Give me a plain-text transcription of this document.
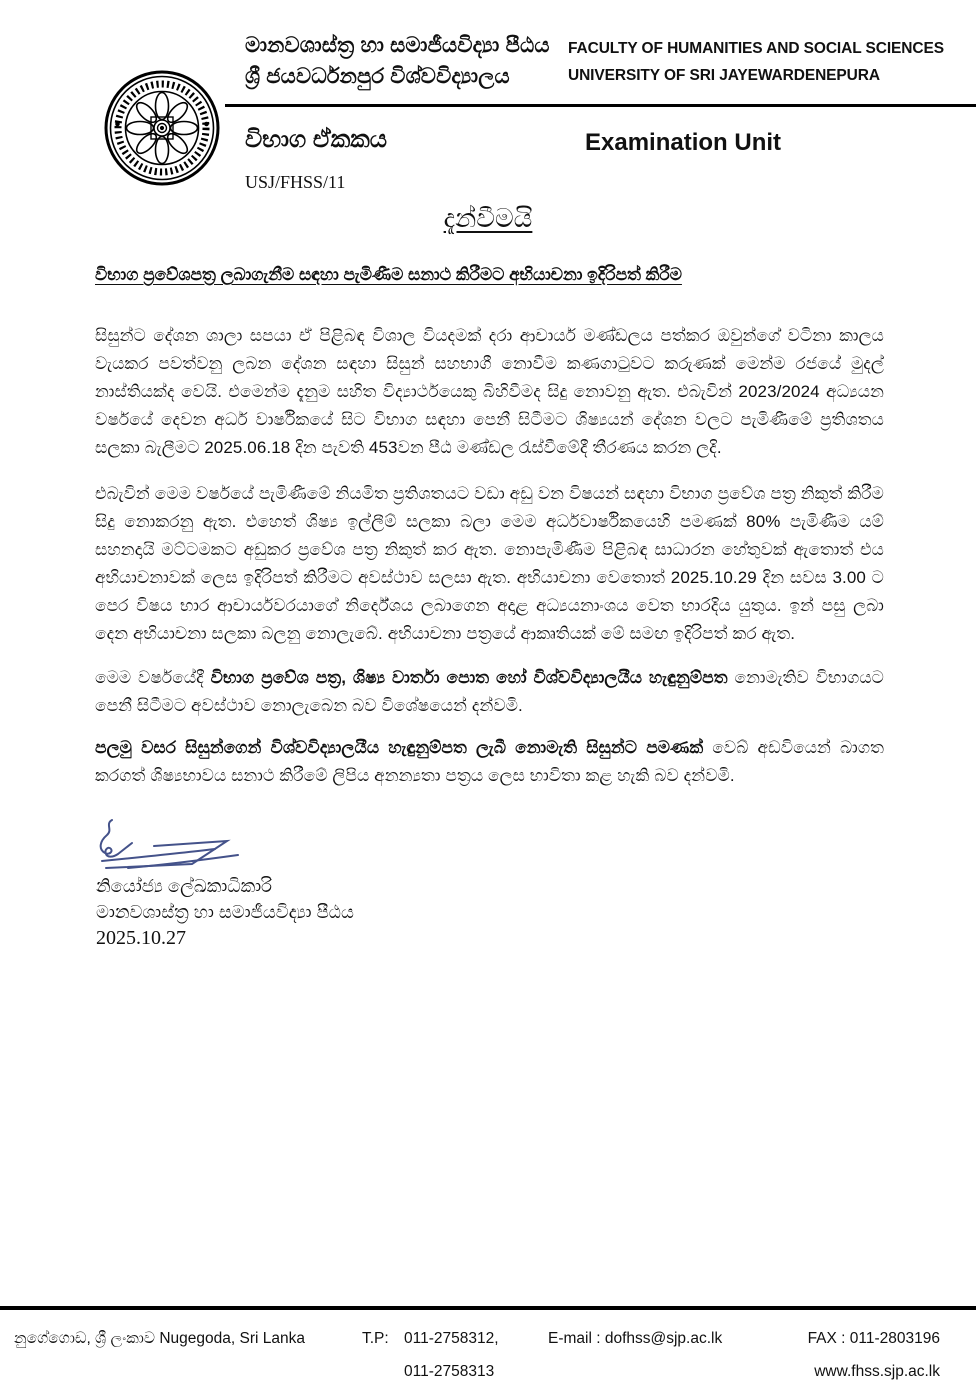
මානවශාස්ත්‍ර හා සමාජීයවිද්‍යා පීඨය
ශ්‍රී ජයවර්ධනපුර විශ්වවිද්‍යාලය
FACULTY OF HUMANITIES AND SOCIAL SCIENCES
UNIVERSITY OF SRI JAYEWARDENEPURA
විභාග ඒකකය	Examination Unit
USJ/FHSS/11
දැන්වීමයි
විභාග ප්‍රවේශපත්‍ර ලබාගැනීම සඳහා පැමිණීම සනාථ කිරීමට අභියාචනා ඉදිරිපත් කිරීම

සිසුන්ට දේශන ශාලා සපයා ඒ පිළිබඳ විශාල වියදමක් දරා ආචාර්ය මණ්ඩලය පත්කර ඔවුන්ගේ වටිනා කාලය වැයකර පවත්වනු ලබන දේශන සඳහා සිසුන් සහභාගී නොවීම කණගාටුවට කරුණක් මෙන්ම රජයේ මුදල් නාස්තියක්ද වෙයි. එමෙන්ම දැනුම සහිත විද්‍යාර්ථයෙකු බිහිවීමද සිදු නොවනු ඇත. එබැවින් 2023/2024 අධ්‍යයන වර්ෂයේ දෙවන අර්ධ වාර්ෂිකයේ සිට විභාග සඳහා පෙනී සිටීමට ශිෂ්‍යයන් දේශන වලට පැමිණීමේ ප්‍රතිශතය සලකා බැලීමට 2025.06.18 දින පැවති 453වන පීඨ මණ්ඩල රැස්වීමේදී තීරණය කරන ලදි.

එබැවින් මෙම වර්ෂයේ පැමිණීමේ නියමිත ප්‍රතිශතයට වඩා අඩු වන විෂයන් සඳහා විභාග ප්‍රවේශ පත්‍ර නිකුත් කිරීම සිදු නොකරනු ඇත. එහෙත් ශිෂ්‍ය ඉල්ලීම් සලකා බලා මෙම අර්ධවාර්ෂිකයෙහි පමණක් 80% පැමිණීම යම් සහනදායි මට්ටමකට අඩුකර ප්‍රවේශ පත්‍ර නිකුත් කර ඇත. නොපැමිණීම පිළිබඳ සාධාරන හේතුවක් ඇතොත් එය අභියාචනාවක් ලෙස ඉදිරිපත් කිරීමට අවස්ථාව සලසා ඇත. අභියාචනා වෙතොත් 2025.10.29 දින සවස 3.00 ට පෙර විෂය භාර ආචාර්යවරයාගේ නිර්දේශය ලබාගෙන අදාළ අධ්‍යයනාංශය වෙත භාරදිය යුතුය. ඉන් පසු ලබා දෙන අභියාචනා සලකා බලනු නොලැබේ. අභියාචනා පත්‍රයේ ආකෘතියක් මේ සමඟ ඉදිරිපත් කර ඇත.

මෙම වර්ෂයේදී විභාග ප්‍රවේශ පත්‍ර, ශිෂ්‍ය වාර්තා පොත හෝ විශ්වවිද්‍යාලයීය හැඳුනුම්පත නොමැතිව විභාගයට පෙනී සිටීමට අවස්ථාව නොලැබෙන බව විශේෂයෙන් දන්වමි.

පලමු වසර සිසුන්ගෙන් විශ්වවිද්‍යාලයීය හැඳුනුම්පත ලැබී නොමැති සිසුන්ට පමණක් වෙබ් අඩවියෙන් බාගත කරගත් ශිෂ්‍යභාවය සනාථ කිරීමේ ලිපිය අනන්‍යතා පත්‍රය ලෙස භාවිතා කළ හැකි බව දන්වමි.

නියෝජ්‍ය ලේඛකාධිකාරි
මානවශාස්ත්‍ර හා සමාජීයවිද්‍යා පීඨය
2025.10.27
නුගේගොඩ, ශ්‍රී ලංකාව Nugegoda, Sri Lanka	T.P: 011-2758312,
011-2758313
E-mail : dofhss@sjp.ac.lk	FAX : 011-2803196
www.fhss.sjp.ac.lk
